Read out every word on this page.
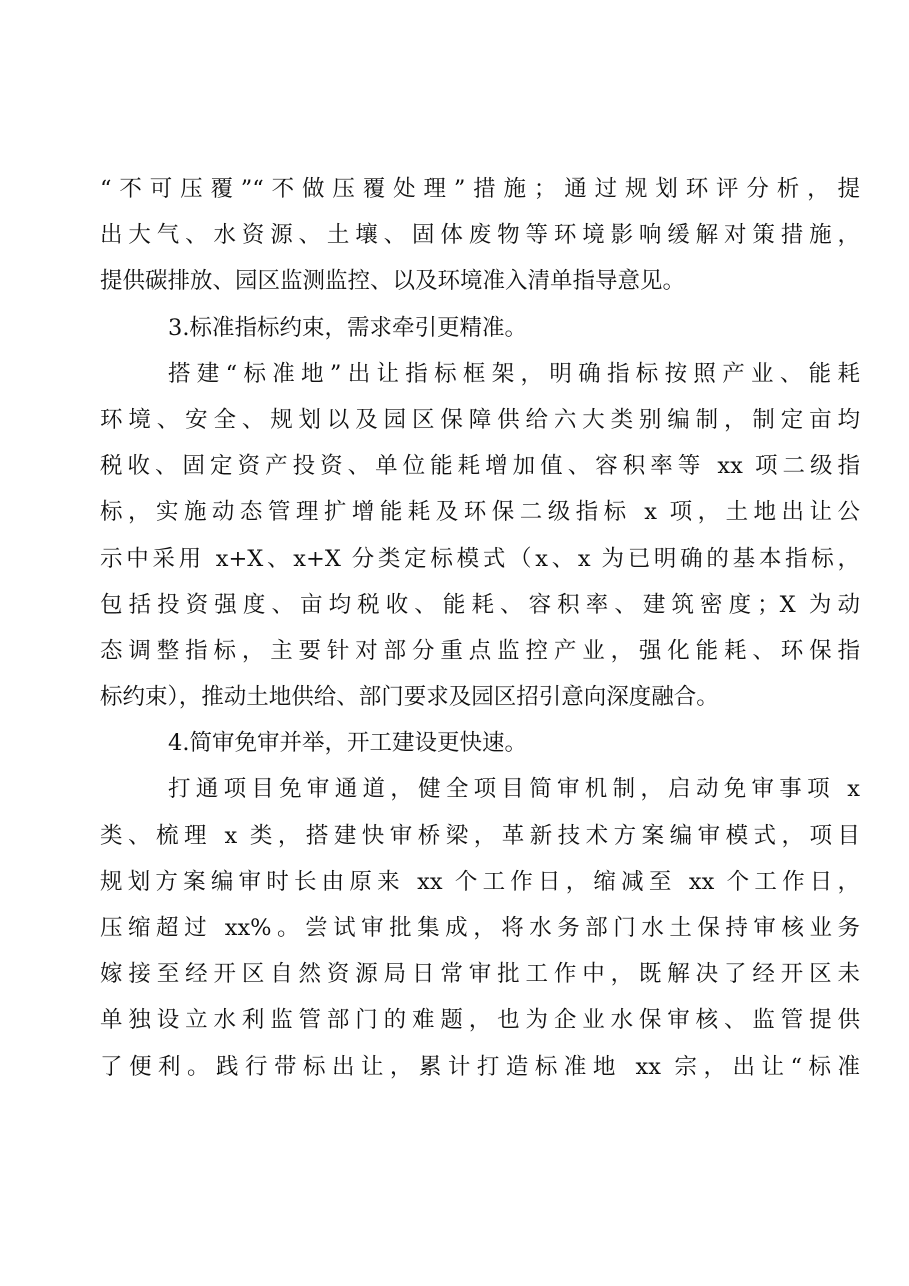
“不可压覆”“不做压覆处理”措施；通过规划环评分析，提
出大气、水资源、土壤、固体废物等环境影响缓解对策措施，
提供碳排放、园区监测监控、以及环境准入清单指导意见。
3.标准指标约束，需求牵引更精准。
搭建“标准地”出让指标框架，明确指标按照产业、能耗
环境、安全、规划以及园区保障供给六大类别编制，制定亩均
税收、固定资产投资、单位能耗增加值、容积率等 xx 项二级指
标，实施动态管理扩增能耗及环保二级指标 x 项，土地出让公
示中采用 x+X、x+X 分类定标模式（x、x 为已明确的基本指标，
包括投资强度、亩均税收、能耗、容积率、建筑密度；X 为动
态调整指标，主要针对部分重点监控产业，强化能耗、环保指
标约束），推动土地供给、部门要求及园区招引意向深度融合。
4.简审免审并举，开工建设更快速。
打通项目免审通道，健全项目简审机制，启动免审事项 x
类、梳理 x 类，搭建快审桥梁，革新技术方案编审模式，项目
规划方案编审时长由原来 xx 个工作日，缩减至 xx 个工作日，
压缩超过 xx%。尝试审批集成，将水务部门水土保持审核业务
嫁接至经开区自然资源局日常审批工作中，既解决了经开区未
单独设立水利监管部门的难题，也为企业水保审核、监管提供
了便利。践行带标出让，累计打造标准地 xx 宗，出让“标准
